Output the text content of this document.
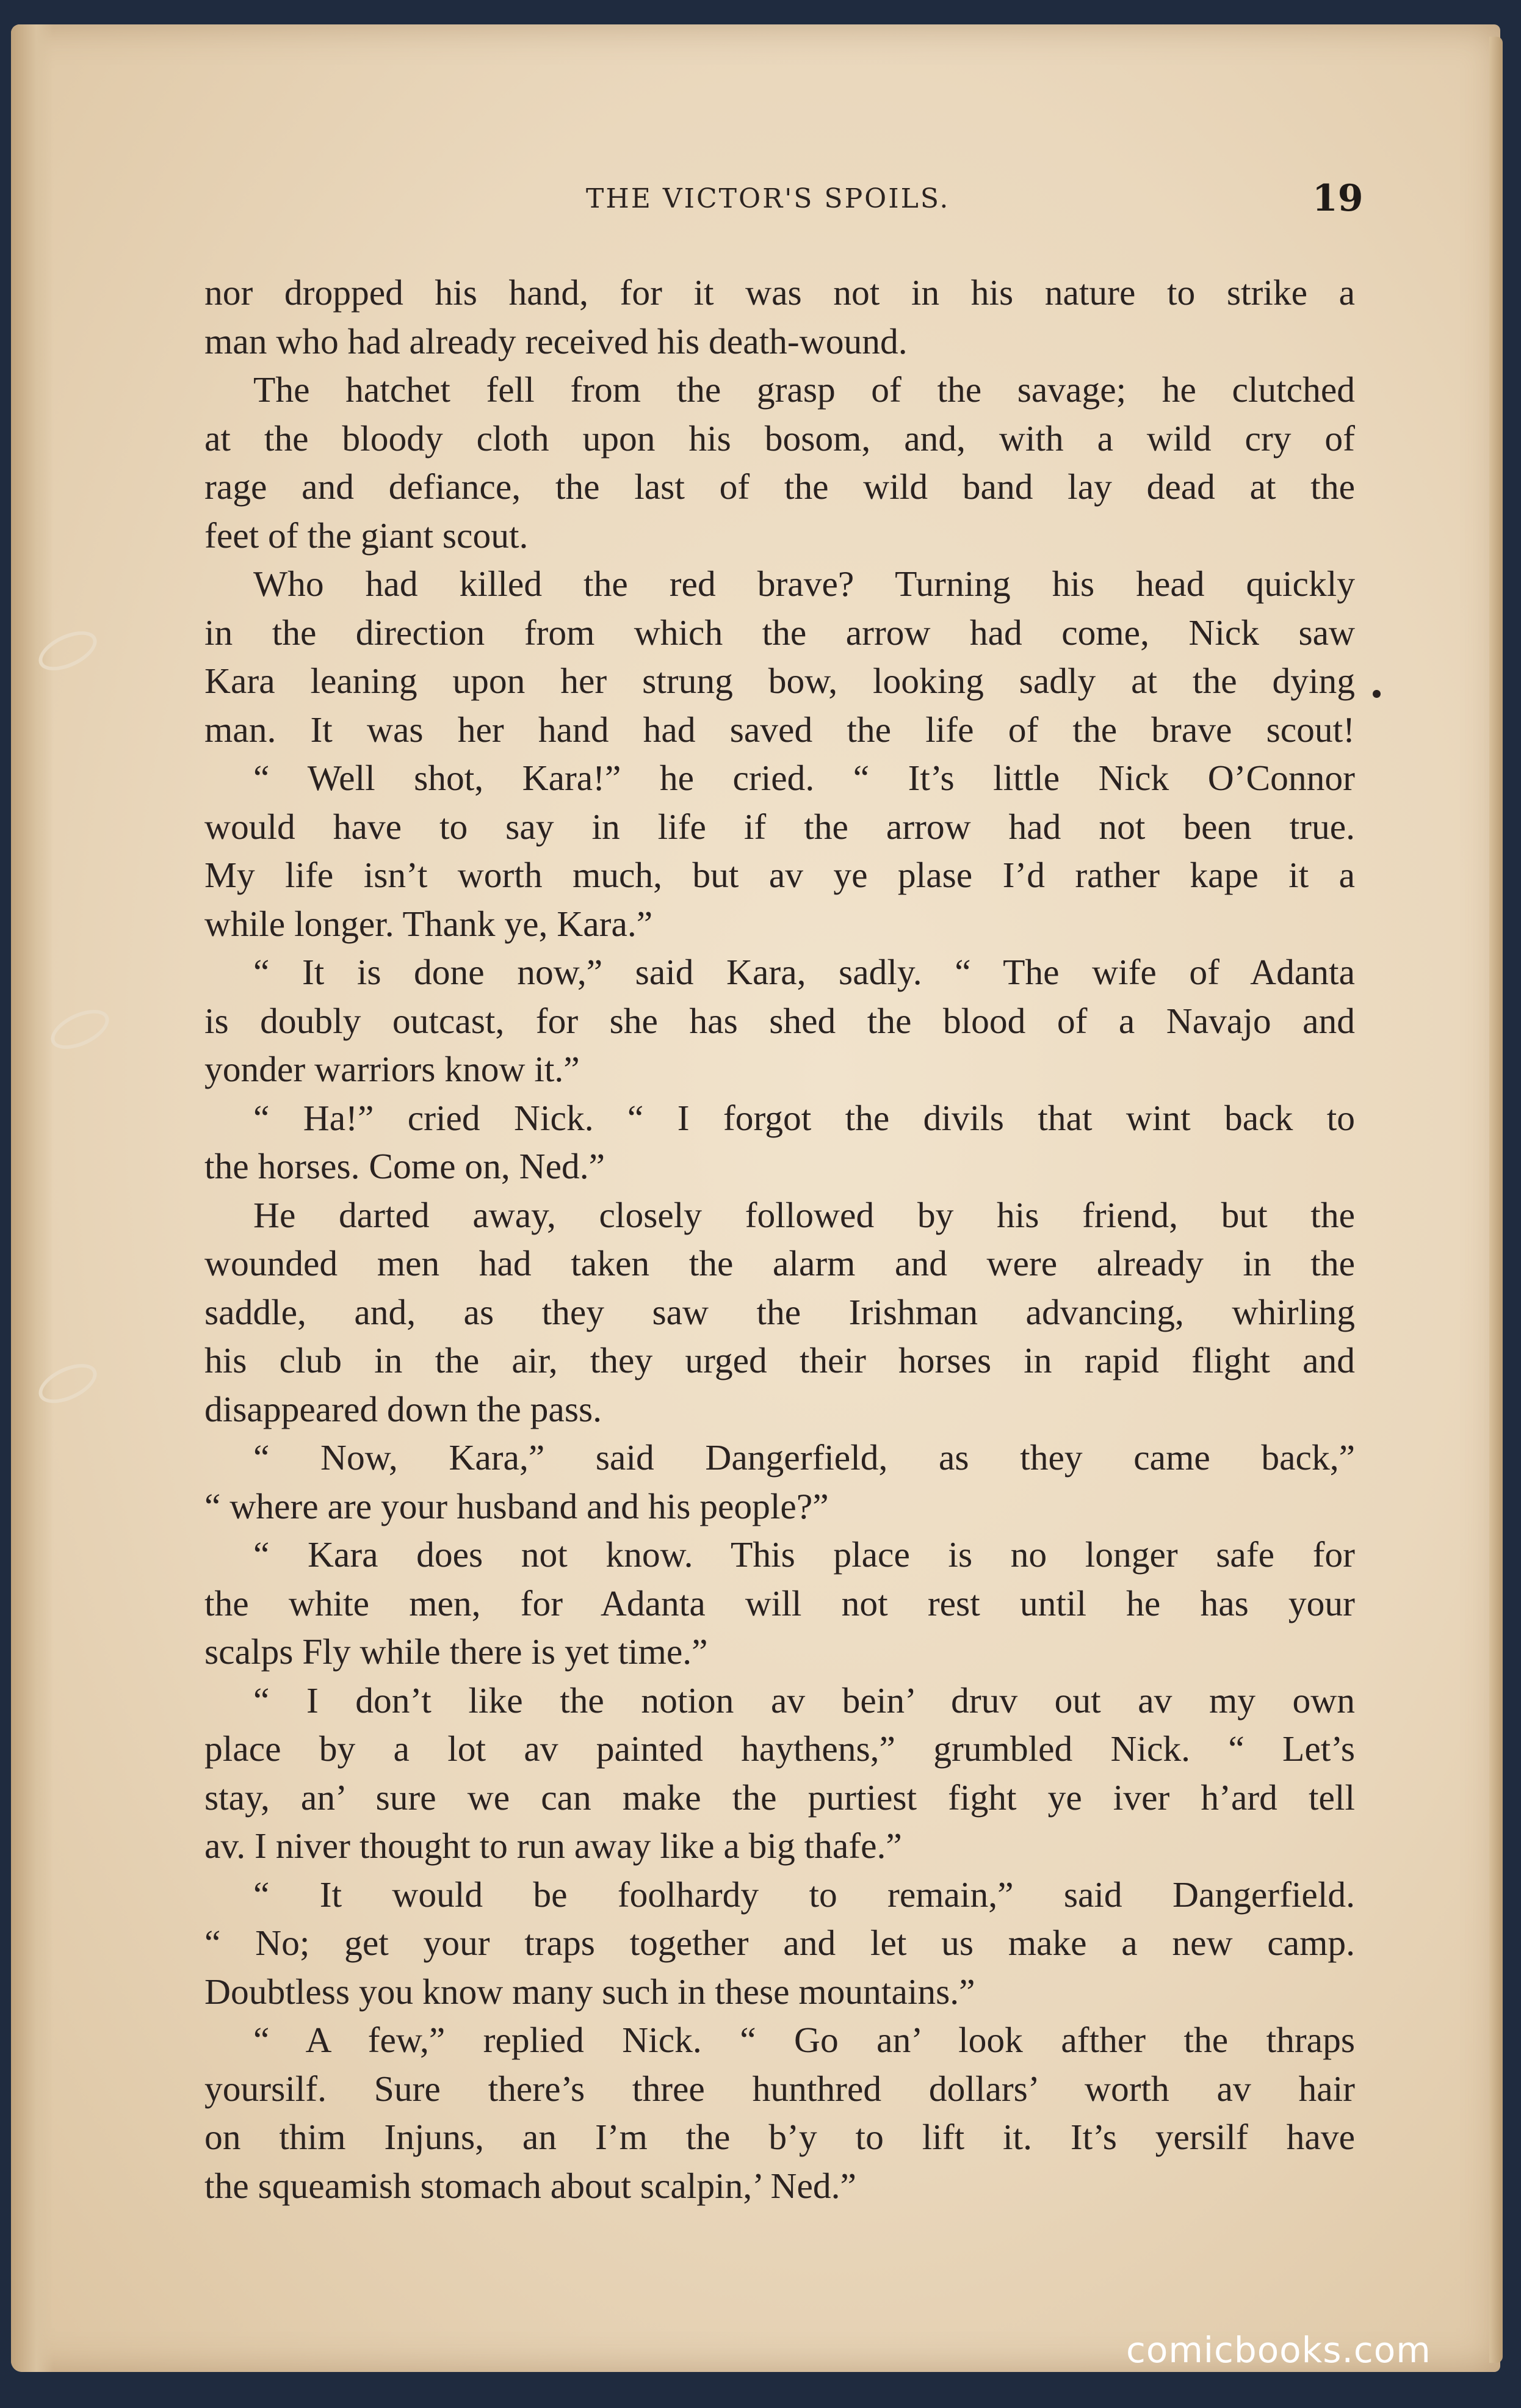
THE VICTOR'S SPOILS.	19
nor dropped his hand, for it was not in his nature to strike a
man who had already received his death-wound.
The hatchet fell from the grasp of the savage; he clutched
at the bloody cloth upon his bosom, and, with a wild cry of
rage and defiance, the last of the wild band lay dead at the
feet of the giant scout.
Who had killed the red brave? Turning his head quickly
in the direction from which the arrow had come, Nick saw
Kara leaning upon her strung bow, looking sadly at the dying
man. It was her hand had saved the life of the brave scout!
“ Well shot, Kara!” he cried. “ It’s little Nick O’Connor
would have to say in life if the arrow had not been true.
My life isn’t worth much, but av ye plase I’d rather kape it a
while longer. Thank ye, Kara.”
“ It is done now,” said Kara, sadly. “ The wife of Adanta
is doubly outcast, for she has shed the blood of a Navajo and
yonder warriors know it.”
“ Ha!” cried Nick. “ I forgot the divils that wint back to
the horses. Come on, Ned.”
He darted away, closely followed by his friend, but the
wounded men had taken the alarm and were already in the
saddle, and, as they saw the Irishman advancing, whirling
his club in the air, they urged their horses in rapid flight and
disappeared down the pass.
“ Now, Kara,” said Dangerfield, as they came back,”
“ where are your husband and his people?”
“ Kara does not know. This place is no longer safe for
the white men, for Adanta will not rest until he has your
scalps Fly while there is yet time.”
“ I don’t like the notion av bein’ druv out av my own
place by a lot av painted haythens,” grumbled Nick. “ Let’s
stay, an’ sure we can make the purtiest fight ye iver h’ard tell
av. I niver thought to run away like a big thafe.”
“ It would be foolhardy to remain,” said Dangerfield.
“ No; get your traps together and let us make a new camp.
Doubtless you know many such in these mountains.”
“ A few,” replied Nick. “ Go an’ look afther the thraps
yoursilf. Sure there’s three hunthred dollars’ worth av hair
on thim Injuns, an I’m the b’y to lift it. It’s yersilf have
the squeamish stomach about scalpin,’ Ned.”
comicbooks.com
